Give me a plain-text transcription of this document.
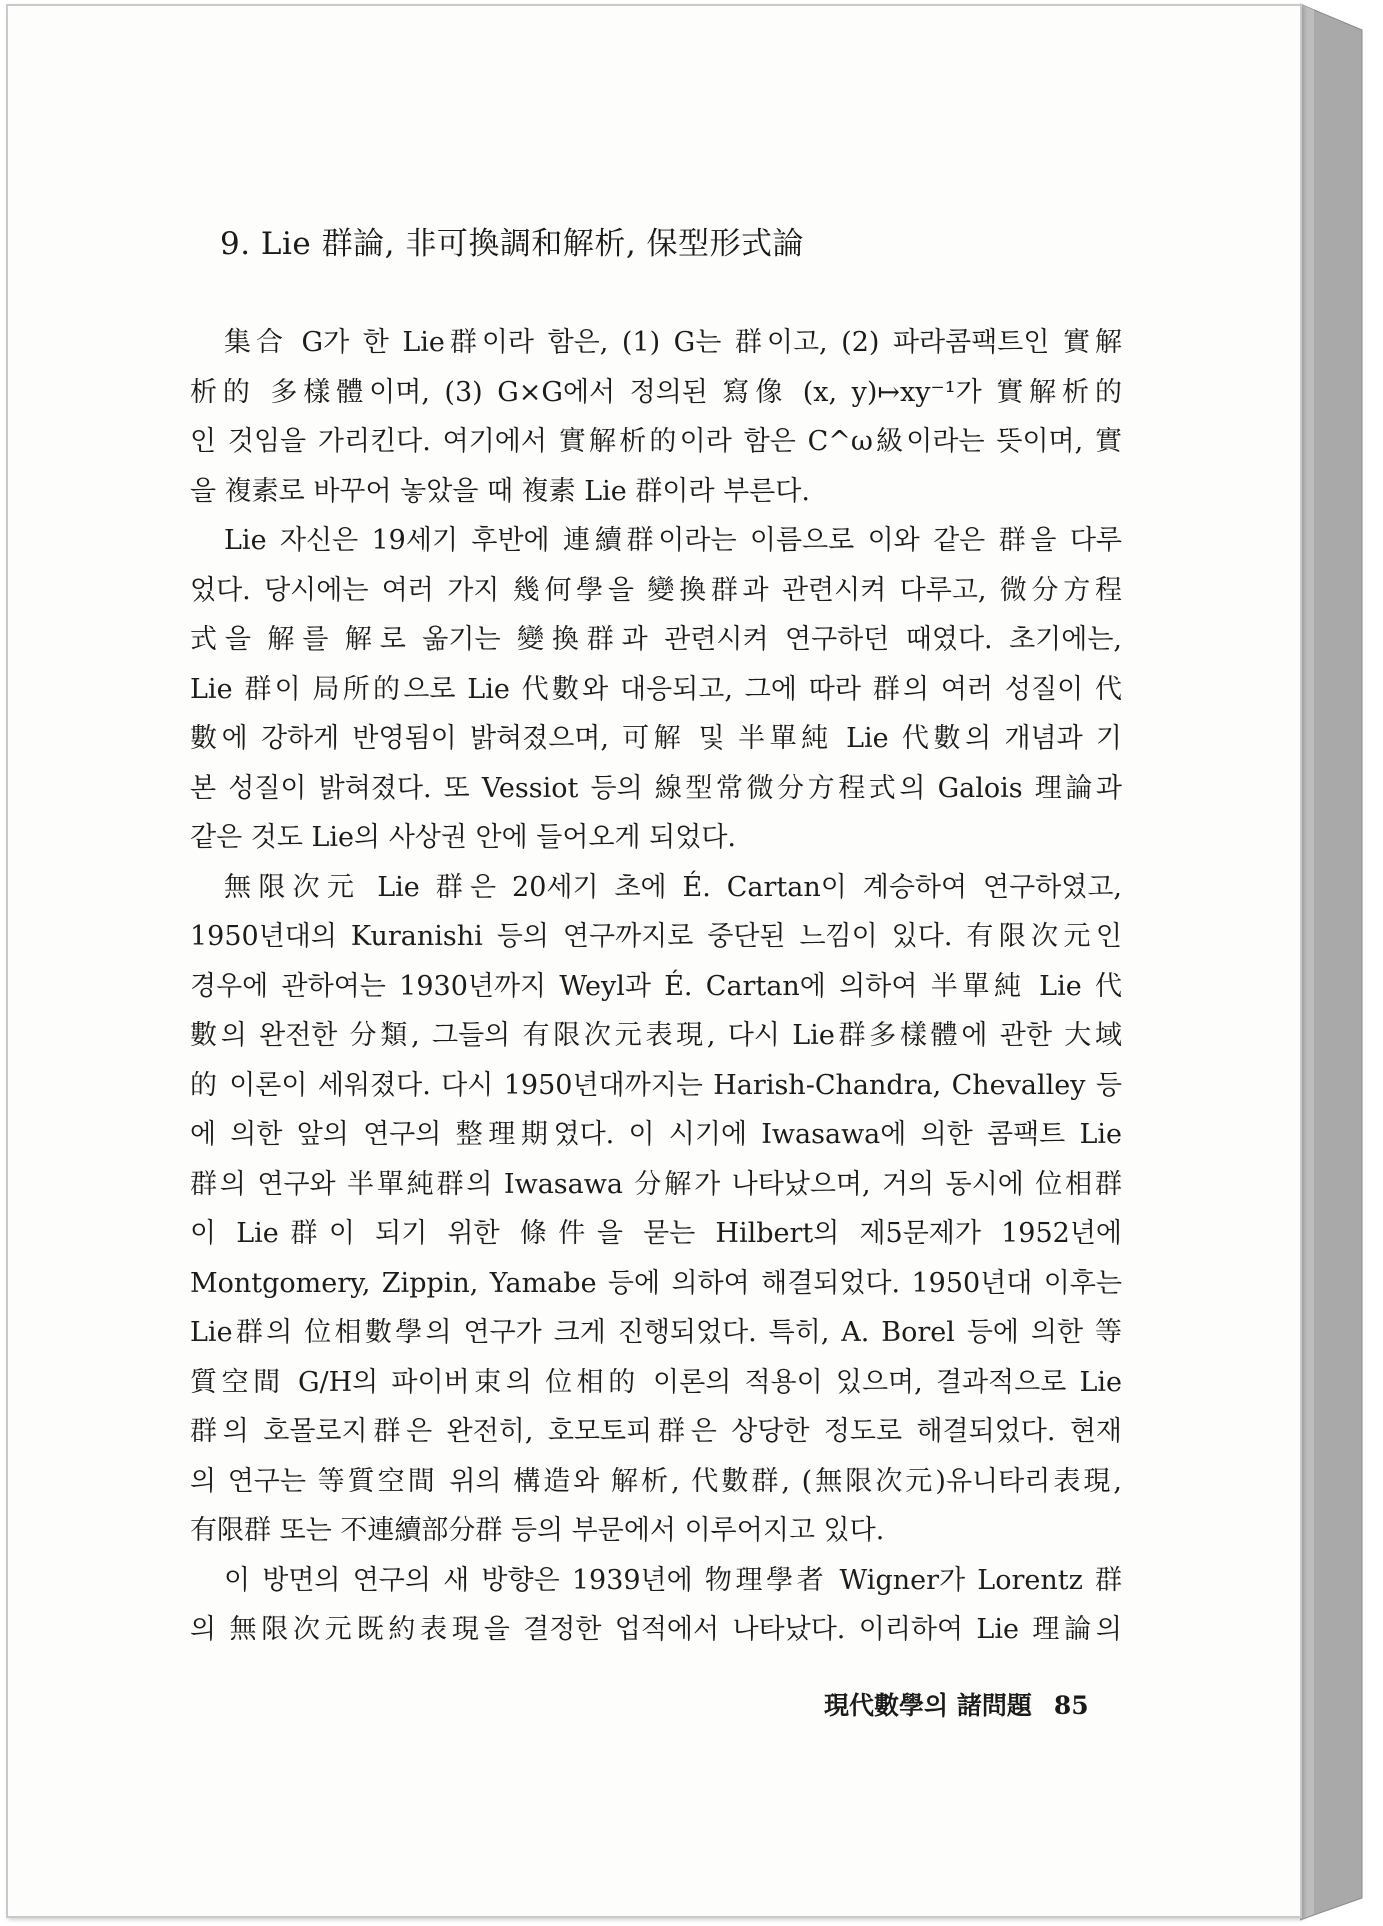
9. Lie 群論, 非可換調和解析, 保型形式論
集合 G가 한 Lie群이라 함은, (1) G는 群이고, (2) 파라콤팩트인 實解
析的 多樣體이며, (3) G×G에서 정의된 寫像 (x, y)↦xy⁻¹가 實解析的
인 것임을 가리킨다. 여기에서 實解析的이라 함은 C^ω級이라는 뜻이며, 實
을 複素로 바꾸어 놓았을 때 複素 Lie 群이라 부른다.
Lie 자신은 19세기 후반에 連續群이라는 이름으로 이와 같은 群을 다루
었다. 당시에는 여러 가지 幾何學을 變換群과 관련시켜 다루고, 微分方程
式을 解를 解로 옮기는 變換群과 관련시켜 연구하던 때였다. 초기에는,
Lie 群이 局所的으로 Lie 代數와 대응되고, 그에 따라 群의 여러 성질이 代
數에 강하게 반영됨이 밝혀졌으며, 可解 및 半單純 Lie 代數의 개념과 기
본 성질이 밝혀졌다. 또 Vessiot 등의 線型常微分方程式의 Galois 理論과
같은 것도 Lie의 사상권 안에 들어오게 되었다.
無限次元 Lie 群은 20세기 초에 É. Cartan이 계승하여 연구하였고,
1950년대의 Kuranishi 등의 연구까지로 중단된 느낌이 있다. 有限次元인
경우에 관하여는 1930년까지 Weyl과 É. Cartan에 의하여 半單純 Lie 代
數의 완전한 分類, 그들의 有限次元表現, 다시 Lie群多樣體에 관한 大域
的 이론이 세워졌다. 다시 1950년대까지는 Harish-Chandra, Chevalley 등
에 의한 앞의 연구의 整理期였다. 이 시기에 Iwasawa에 의한 콤팩트 Lie
群의 연구와 半單純群의 Iwasawa 分解가 나타났으며, 거의 동시에 位相群
이 Lie群이 되기 위한 條件을 묻는 Hilbert의 제5문제가 1952년에
Montgomery, Zippin, Yamabe 등에 의하여 해결되었다. 1950년대 이후는
Lie群의 位相數學의 연구가 크게 진행되었다. 특히, A. Borel 등에 의한 等
質空間 G/H의 파이버束의 位相的 이론의 적용이 있으며, 결과적으로 Lie
群의 호몰로지群은 완전히, 호모토피群은 상당한 정도로 해결되었다. 현재
의 연구는 等質空間 위의 構造와 解析, 代數群, (無限次元)유니타리表現,
有限群 또는 不連續部分群 등의 부문에서 이루어지고 있다.
이 방면의 연구의 새 방향은 1939년에 物理學者 Wigner가 Lorentz 群
의 無限次元既約表現을 결정한 업적에서 나타났다. 이리하여 Lie 理論의
現代數學의 諸問題 85
